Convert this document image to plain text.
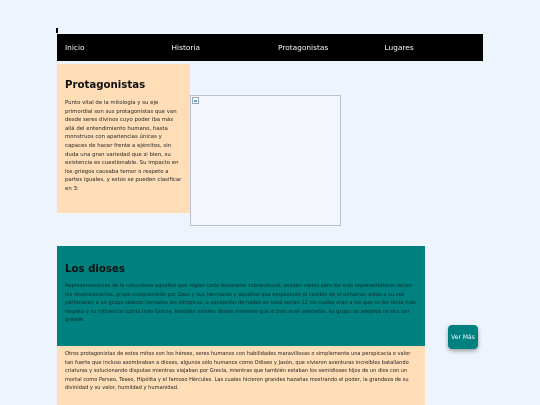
Inicio	Historia	Protagonistas	Lugares
Protagonistas

Punto vital de la mitología y su eje primordial son sus protagonistas que van desde seres divinos cuyo poder iba más allá del entendimiento humano, hasta monstruos con apariencias únicas y capaces de hacer frente a ejércitos, sin duda una gran variedad que si bien, su existencia es cuestionable. Su impacto en los griegos causaba temor o respeto a partes iguales, y estos se pueden clasificar en 3:

Los dioses

Representaciones de la naturaleza aquellos que regían cada fenómeno sobrenatural, existen varios pero los más representativos serían los revolucionarios, grupo comprendido por Zeus y sus hermanos y aquellos que empezaron el cambio en el universo, estos a su vez pertenecen a un grupo selecto llamados los olímpicos, a excepción de hades en total serían 12 los cuales eran a los que se les tenía más respeto y su influencia cubría todo Grecia, también existen dioses menores que si bien eran adorados, su grupo de adeptos no era tan grande.

Otros protagonistas de estos mitos son los héroes, seres humanos con habilidades maravillosas o simplemente una perspicacia o valor tan fuerte que incluso asombraban a dioses, algunos sólo humanos como Odiseo y Jasón, que vivieron aventuras increíbles batallando criaturas y solucionando disputas mientras viajaban por Grecia, mientras que también estaban los semidioses hijos de un dios con un mortal como Perseo, Teseo, Hipólita y el famoso Hércules. Las cuales hicieron grandes hazañas mostrando el poder, la grandeza de su divinidad y su valor, humildad y humanidad.

Ver Más
